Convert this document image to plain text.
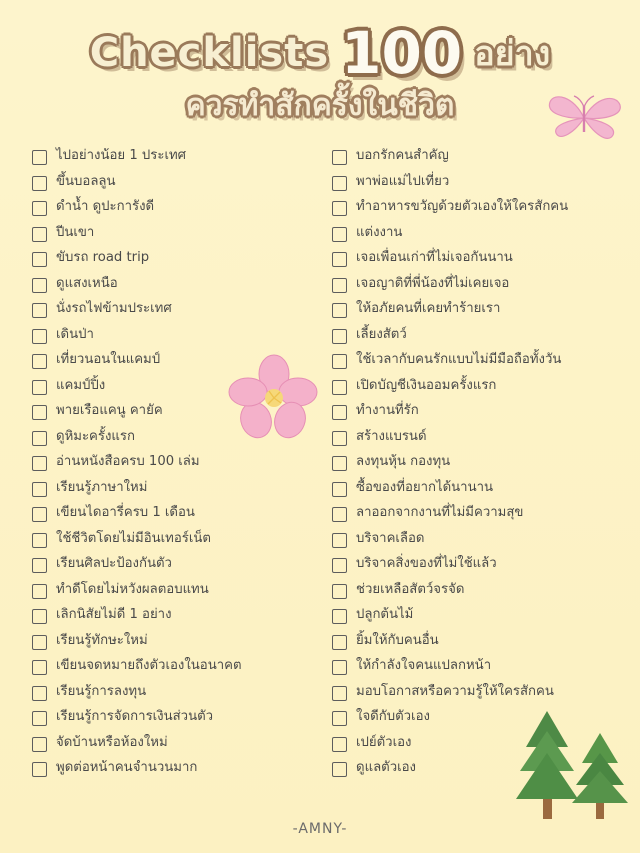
Checklists 100 อย่าง
ควรทำสักครั้งในชีวิต
ไปอย่างน้อย 1 ประเทศ
ขึ้นบอลลูน
ดำน้ำ ดูปะการังดี
ปีนเขา
ขับรถ road trip
ดูแสงเหนือ
นั่งรถไฟข้ามประเทศ
เดินป่า
เที่ยวนอนในแคมป์
แคมป์ปิ้ง
พายเรือแคนู คายัค
ดูหิมะครั้งแรก
อ่านหนังสือครบ 100 เล่ม
เรียนรู้ภาษาใหม่
เขียนไดอารี่ครบ 1 เดือน
ใช้ชีวิตโดยไม่มีอินเทอร์เน็ต
เรียนศิลปะป้องกันตัว
ทำดีโดยไม่หวังผลตอบแทน
เลิกนิสัยไม่ดี 1 อย่าง
เรียนรู้ทักษะใหม่
เขียนจดหมายถึงตัวเองในอนาคต
เรียนรู้การลงทุน
เรียนรู้การจัดการเงินส่วนตัว
จัดบ้านหรือห้องใหม่
พูดต่อหน้าคนจำนวนมาก
บอกรักคนสำคัญ
พาพ่อแม่ไปเที่ยว
ทำอาหารขวัญด้วยตัวเองให้ใครสักคน
แต่งงาน
เจอเพื่อนเก่าที่ไม่เจอกันนาน
เจอญาติที่พี่น้องที่ไม่เคยเจอ
ให้อภัยคนที่เคยทำร้ายเรา
เลี้ยงสัตว์
ใช้เวลากับคนรักแบบไม่มีมือถือทั้งวัน
เปิดบัญชีเงินออมครั้งแรก
ทำงานที่รัก
สร้างแบรนด์
ลงทุนหุ้น กองทุน
ซื้อของที่อยากได้นานาน
ลาออกจากงานที่ไม่มีความสุข
บริจาคเลือด
บริจาคสิ่งของที่ไม่ใช้แล้ว
ช่วยเหลือสัตว์จรจัด
ปลูกต้นไม้
ยิ้มให้กับคนอื่น
ให้กำลังใจคนแปลกหน้า
มอบโอกาสหรือความรู้ให้ใครสักคน
ใจดีกับตัวเอง
เปย์ตัวเอง
ดูแลตัวเอง
-AMNY-
